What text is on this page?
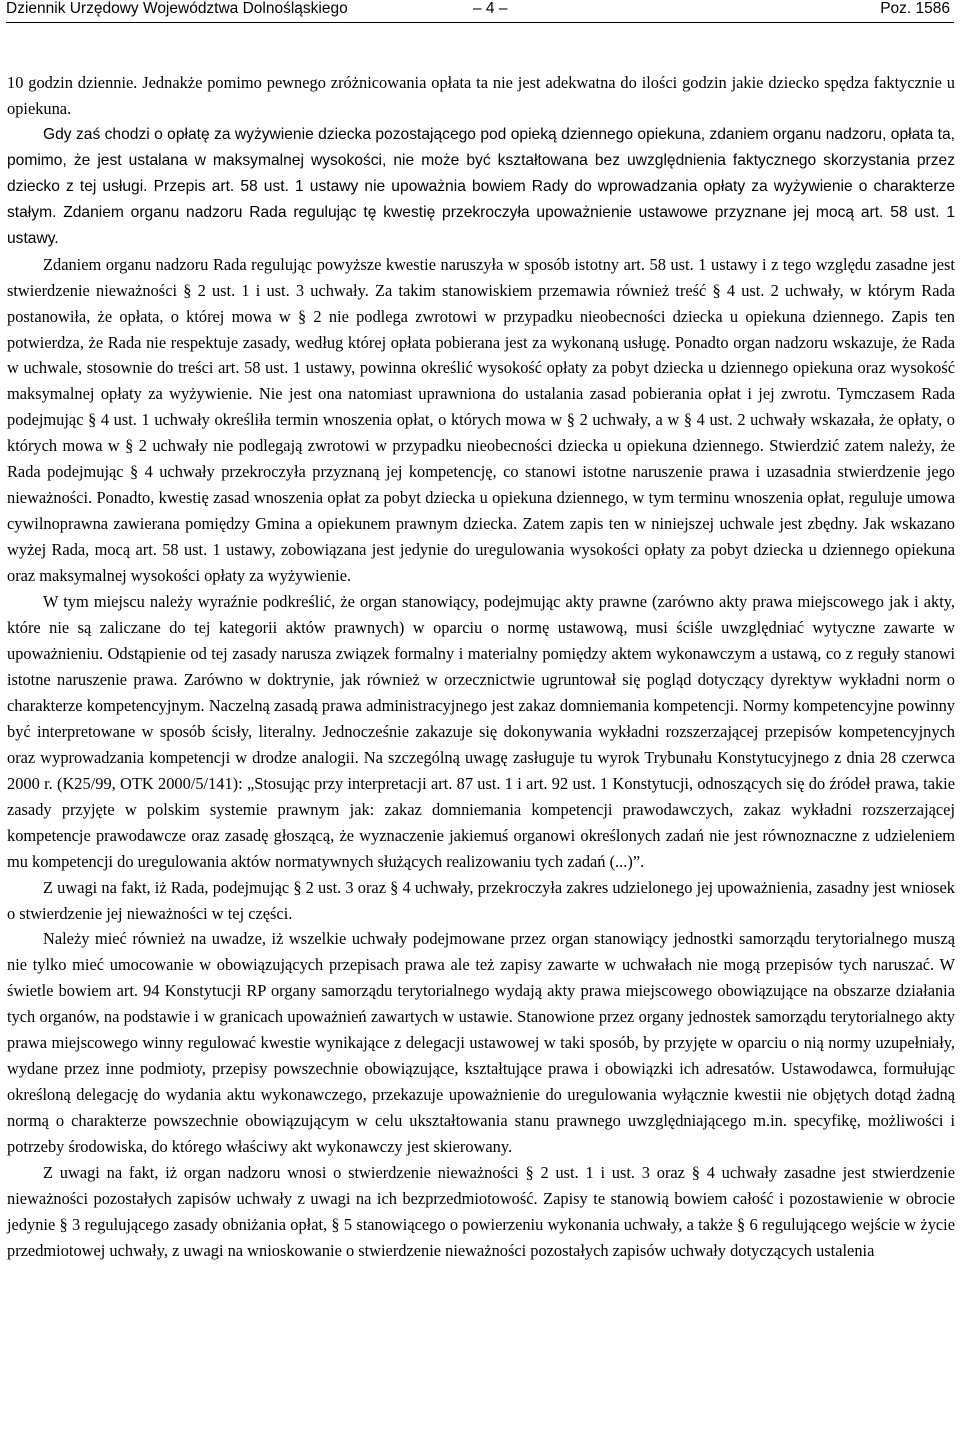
Dziennik Urzędowy Województwa Dolnośląskiego	– 4 –	Poz. 1586

10 godzin dziennie. Jednakże pomimo pewnego zróżnicowania opłata ta nie jest adekwatna do ilości godzin jakie dziecko spędza faktycznie u opiekuna.

Gdy zaś chodzi o opłatę za wyżywienie dziecka pozostającego pod opieką dziennego opiekuna, zdaniem organu nadzoru, opłata ta, pomimo, że jest ustalana w maksymalnej wysokości, nie może być kształtowana bez uwzględnienia faktycznego skorzystania przez dziecko z tej usługi. Przepis art. 58 ust. 1 ustawy nie upoważnia bowiem Rady do wprowadzania opłaty za wyżywienie o charakterze stałym. Zdaniem organu nadzoru Rada regulując tę kwestię przekroczyła upoważnienie ustawowe przyznane jej mocą art. 58 ust. 1 ustawy.

Zdaniem organu nadzoru Rada regulując powyższe kwestie naruszyła w sposób istotny art. 58 ust. 1 ustawy i z tego względu zasadne jest stwierdzenie nieważności § 2 ust. 1 i ust. 3 uchwały. Za takim stanowiskiem przemawia również treść § 4 ust. 2 uchwały, w którym Rada postanowiła, że opłata, o której mowa w § 2 nie podlega zwrotowi w przypadku nieobecności dziecka u opiekuna dziennego. Zapis ten potwierdza, że Rada nie respektuje zasady, według której opłata pobierana jest za wykonaną usługę. Ponadto organ nadzoru wskazuje, że Rada w uchwale, stosownie do treści art. 58 ust. 1 ustawy, powinna określić wysokość opłaty za pobyt dziecka u dziennego opiekuna oraz wysokość maksymalnej opłaty za wyżywienie. Nie jest ona natomiast uprawniona do ustalania zasad pobierania opłat i jej zwrotu. Tymczasem Rada podejmując § 4 ust. 1 uchwały określiła termin wnoszenia opłat, o których mowa w § 2 uchwały, a w § 4 ust. 2 uchwały wskazała, że opłaty, o których mowa w § 2 uchwały nie podlegają zwrotowi w przypadku nieobecności dziecka u opiekuna dziennego. Stwierdzić zatem należy, że Rada podejmując § 4 uchwały przekroczyła przyznaną jej kompetencję, co stanowi istotne naruszenie prawa i uzasadnia stwierdzenie jego nieważności. Ponadto, kwestię zasad wnoszenia opłat za pobyt dziecka u opiekuna dziennego, w tym terminu wnoszenia opłat, reguluje umowa cywilnoprawna zawierana pomiędzy Gmina a opiekunem prawnym dziecka. Zatem zapis ten w niniejszej uchwale jest zbędny. Jak wskazano wyżej Rada, mocą art. 58 ust. 1 ustawy, zobowiązana jest jedynie do uregulowania wysokości opłaty za pobyt dziecka u dziennego opiekuna oraz maksymalnej wysokości opłaty za wyżywienie.

W tym miejscu należy wyraźnie podkreślić, że organ stanowiący, podejmując akty prawne (zarówno akty prawa miejscowego jak i akty, które nie są zaliczane do tej kategorii aktów prawnych) w oparciu o normę ustawową, musi ściśle uwzględniać wytyczne zawarte w upoważnieniu. Odstąpienie od tej zasady narusza związek formalny i materialny pomiędzy aktem wykonawczym a ustawą, co z reguły stanowi istotne naruszenie prawa. Zarówno w doktrynie, jak również w orzecznictwie ugruntował się pogląd dotyczący dyrektyw wykładni norm o charakterze kompetencyjnym. Naczelną zasadą prawa administracyjnego jest zakaz domniemania kompetencji. Normy kompetencyjne powinny być interpretowane w sposób ścisły, literalny. Jednocześnie zakazuje się dokonywania wykładni rozszerzającej przepisów kompetencyjnych oraz wyprowadzania kompetencji w drodze analogii. Na szczególną uwagę zasługuje tu wyrok Trybunału Konstytucyjnego z dnia 28 czerwca 2000 r. (K25/99, OTK 2000/5/141): „Stosując przy interpretacji art. 87 ust. 1 i art. 92 ust. 1 Konstytucji, odnoszących się do źródeł prawa, takie zasady przyjęte w polskim systemie prawnym jak: zakaz domniemania kompetencji prawodawczych, zakaz wykładni rozszerzającej kompetencje prawodawcze oraz zasadę głoszącą, że wyznaczenie jakiemuś organowi określonych zadań nie jest równoznaczne z udzieleniem mu kompetencji do uregulowania aktów normatywnych służących realizowaniu tych zadań (...)”.

Z uwagi na fakt, iż Rada, podejmując § 2 ust. 3 oraz § 4 uchwały, przekroczyła zakres udzielonego jej upoważnienia, zasadny jest wniosek o stwierdzenie jej nieważności w tej części.

Należy mieć również na uwadze, iż wszelkie uchwały podejmowane przez organ stanowiący jednostki samorządu terytorialnego muszą nie tylko mieć umocowanie w obowiązujących przepisach prawa ale też zapisy zawarte w uchwałach nie mogą przepisów tych naruszać. W świetle bowiem art. 94 Konstytucji RP organy samorządu terytorialnego wydają akty prawa miejscowego obowiązujące na obszarze działania tych organów, na podstawie i w granicach upoważnień zawartych w ustawie. Stanowione przez organy jednostek samorządu terytorialnego akty prawa miejscowego winny regulować kwestie wynikające z delegacji ustawowej w taki sposób, by przyjęte w oparciu o nią normy uzupełniały, wydane przez inne podmioty, przepisy powszechnie obowiązujące, kształtujące prawa i obowiązki ich adresatów. Ustawodawca, formułując określoną delegację do wydania aktu wykonawczego, przekazuje upoważnienie do uregulowania wyłącznie kwestii nie objętych dotąd żadną normą o charakterze powszechnie obowiązującym w celu ukształtowania stanu prawnego uwzględniającego m.in. specyfikę, możliwości i potrzeby środowiska, do którego właściwy akt wykonawczy jest skierowany.

Z uwagi na fakt, iż organ nadzoru wnosi o stwierdzenie nieważności § 2 ust. 1 i ust. 3 oraz § 4 uchwały zasadne jest stwierdzenie nieważności pozostałych zapisów uchwały z uwagi na ich bezprzedmiotowość. Zapisy te stanowią bowiem całość i pozostawienie w obrocie jedynie § 3 regulującego zasady obniżania opłat, § 5 stanowiącego o powierzeniu wykonania uchwały, a także § 6 regulującego wejście w życie przedmiotowej uchwały, z uwagi na wnioskowanie o stwierdzenie nieważności pozostałych zapisów uchwały dotyczących ustalenia
